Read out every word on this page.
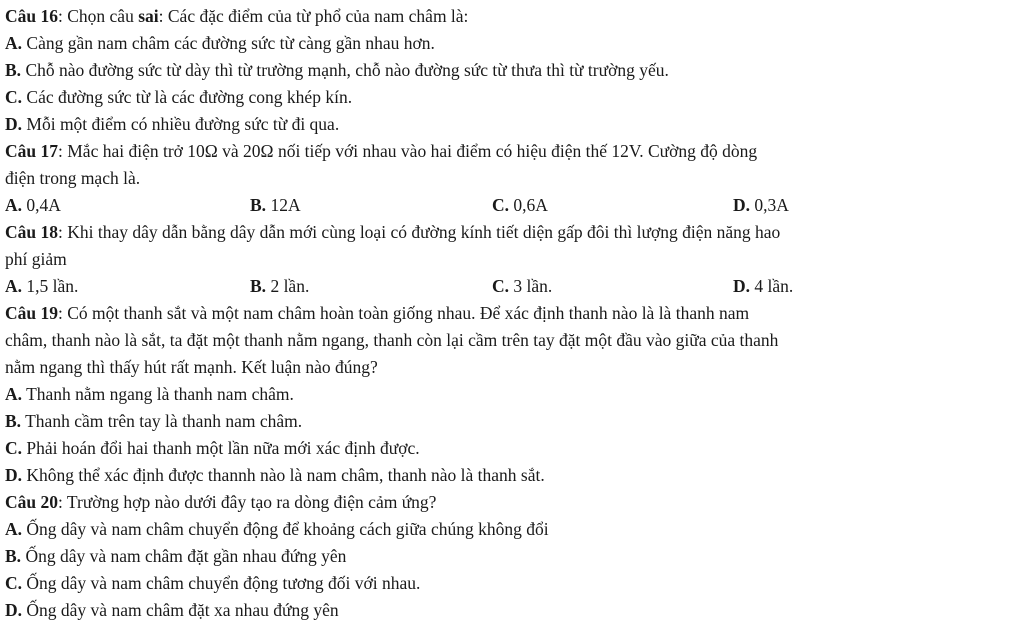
Câu 16: Chọn câu sai: Các đặc điểm của từ phổ của nam châm là:
A. Càng gần nam châm các đường sức từ càng gần nhau hơn.
B. Chỗ nào đường sức từ dày thì từ trường mạnh, chỗ nào đường sức từ thưa thì từ trường yếu.
C. Các đường sức từ là các đường cong khép kín.
D. Mỗi một điểm có nhiều đường sức từ đi qua.
Câu 17: Mắc hai điện trở 10Ω và 20Ω nối tiếp với nhau vào hai điểm có hiệu điện thế 12V. Cường độ dòng
điện trong mạch là.
A. 0,4A	B. 12A	C. 0,6A	D. 0,3A
Câu 18: Khi thay dây dẫn bằng dây dẫn mới cùng loại có đường kính tiết diện gấp đôi thì lượng điện năng hao
phí giảm
A. 1,5 lần.	B. 2 lần.	C. 3 lần.	D. 4 lần.
Câu 19: Có một thanh sắt và một nam châm hoàn toàn giống nhau. Để xác định thanh nào là là thanh nam
châm, thanh nào là sắt, ta đặt một thanh nằm ngang, thanh còn lại cầm trên tay đặt một đầu vào giữa của thanh
nằm ngang thì thấy hút rất mạnh. Kết luận nào đúng?
A. Thanh nằm ngang là thanh nam châm.
B. Thanh cầm trên tay là thanh nam châm.
C. Phải hoán đổi hai thanh một lần nữa mới xác định được.
D. Không thể xác định được thannh nào là nam châm, thanh nào là thanh sắt.
Câu 20: Trường hợp nào dưới đây tạo ra dòng điện cảm ứng?
A. Ống dây và nam châm chuyển động để khoảng cách giữa chúng không đổi
B. Ống dây và nam châm đặt gần nhau đứng yên
C. Ống dây và nam châm chuyển động tương đối với nhau.
D. Ống dây và nam châm đặt xa nhau đứng yên
